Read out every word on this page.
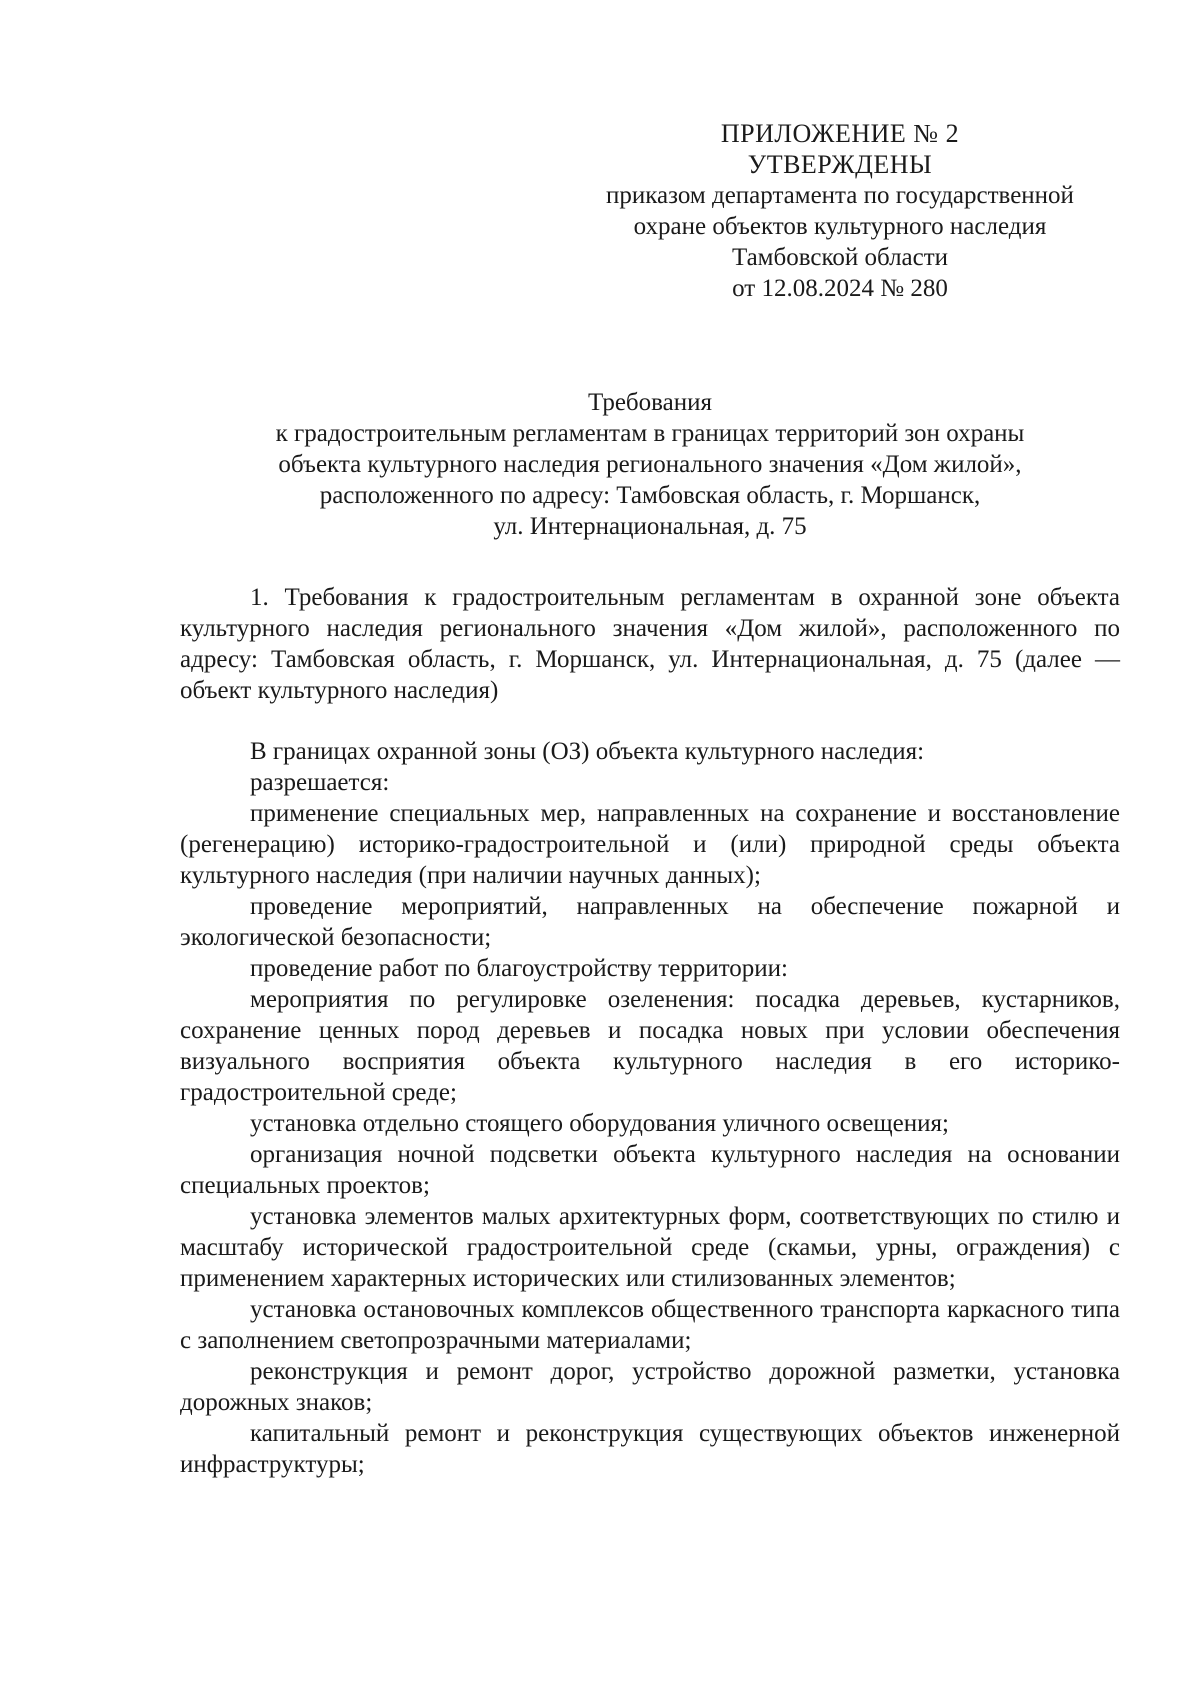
ПРИЛОЖЕНИЕ № 2
УТВЕРЖДЕНЫ
приказом департамента по государственной
охране объектов культурного наследия
Тамбовской области
от 12.08.2024 № 280
Требования
к градостроительным регламентам в границах территорий зон охраны
объекта культурного наследия регионального значения «Дом жилой»,
расположенного по адресу: Тамбовская область, г. Моршанск,
ул. Интернациональная, д. 75

1. Требования к градостроительным регламентам в охранной зоне объекта культурного наследия регионального значения «Дом жилой», расположенного по адресу: Тамбовская область, г. Моршанск, ул. Интернациональная, д. 75 (далее — объект культурного наследия)

В границах охранной зоны (ОЗ) объекта культурного наследия:

разрешается:

применение специальных мер, направленных на сохранение и восстановление (регенерацию) историко-градостроительной и (или) природной среды объекта культурного наследия (при наличии научных данных);

проведение мероприятий, направленных на обеспечение пожарной и экологической безопасности;

проведение работ по благоустройству территории:

мероприятия по регулировке озеленения: посадка деревьев, кустарников, сохранение ценных пород деревьев и посадка новых при условии обеспечения визуального восприятия объекта культурного наследия в его историко-градостроительной среде;

установка отдельно стоящего оборудования уличного освещения;

организация ночной подсветки объекта культурного наследия на основании специальных проектов;

установка элементов малых архитектурных форм, соответствующих по стилю и масштабу исторической градостроительной среде (скамьи, урны, ограждения) с применением характерных исторических или стилизованных элементов;

установка остановочных комплексов общественного транспорта каркасного типа с заполнением светопрозрачными материалами;

реконструкция и ремонт дорог, устройство дорожной разметки, установка дорожных знаков;

капитальный ремонт и реконструкция существующих объектов инженерной инфраструктуры;
